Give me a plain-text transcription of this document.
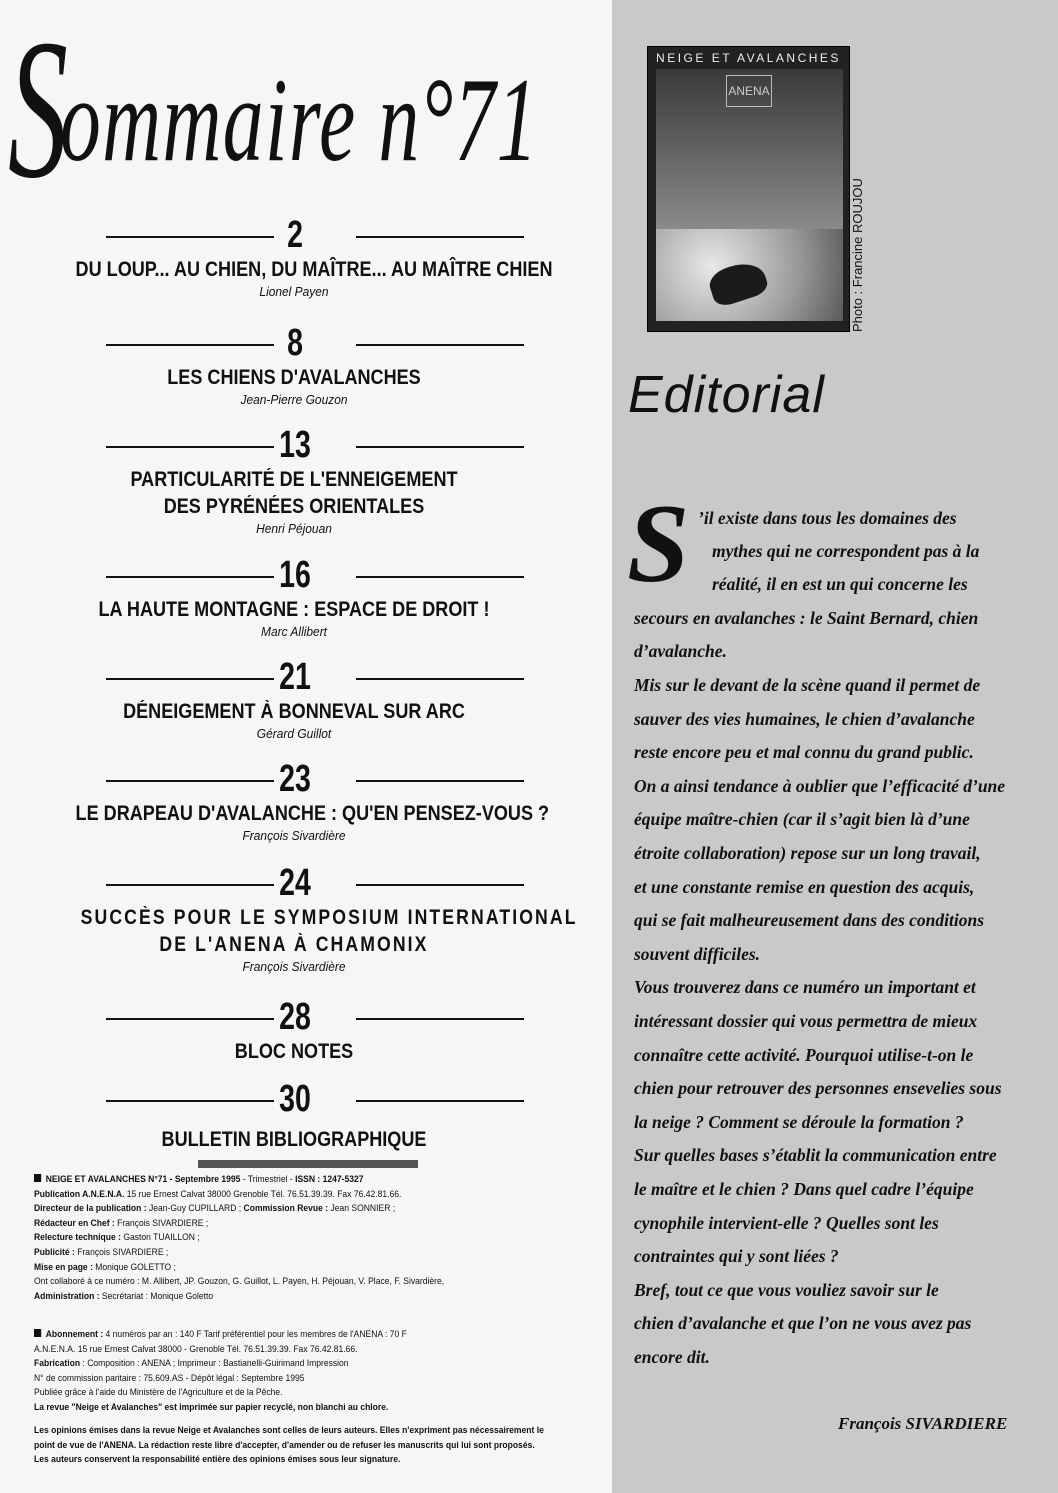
S
ommaire n°71
2
DU LOUP... AU CHIEN, DU MAÎTRE... AU MAÎTRE CHIEN
Lionel Payen
8
LES CHIENS D'AVALANCHES
Jean-Pierre Gouzon
13
PARTICULARITÉ DE L'ENNEIGEMENT
DES PYRÉNÉES ORIENTALES
Henri Péjouan
16
LA HAUTE MONTAGNE : ESPACE DE DROIT !
Marc Allibert
21
DÉNEIGEMENT À BONNEVAL SUR ARC
Gérard Guillot
23
LE DRAPEAU D'AVALANCHE : QU'EN PENSEZ-VOUS ?
François Sivardière
24
SUCCÈS POUR LE SYMPOSIUM INTERNATIONAL
DE L'ANENA À CHAMONIX
François Sivardière
28
BLOC NOTES
30
BULLETIN BIBLIOGRAPHIQUE

NEIGE ET AVALANCHES N°71 - Septembre 1995 - Trimestriel - ISSN : 1247-5327

Publication A.N.E.N.A. 15 rue Ernest Calvat 38000 Grenoble Tél. 76.51.39.39. Fax 76.42.81.66.

Directeur de la publication : Jean-Guy CUPILLARD ; Commission Revue : Jean SONNIER ;

Rédacteur en Chef : François SIVARDIERE ;

Relecture technique : Gaston TUAILLON ;

Publicité : François SIVARDIERE ;

Mise en page : Monique GOLETTO ;

Ont collaboré à ce numéro : M. Allibert, JP. Gouzon, G. Guillot, L. Payen, H. Péjouan, V. Place, F. Sivardière,

Administration : Secrétariat : Monique Goletto

Abonnement : 4 numéros par an : 140 F Tarif préférentiel pour les membres de l'ANENA : 70 F

A.N.E.N.A. 15 rue Ernest Calvat 38000 - Grenoble Tél. 76.51.39.39. Fax 76.42.81.66.

Fabrication : Composition : ANENA ; Imprimeur : Bastianelli-Guirimand Impression

N° de commission paritaire : 75.609.AS - Dépôt légal : Septembre 1995

Publiée grâce à l'aide du Ministère de l'Agriculture et de la Pêche.

La revue "Neige et Avalanches" est imprimée sur papier recyclé, non blanchi au chlore.

Les opinions émises dans la revue Neige et Avalanches sont celles de leurs auteurs. Elles n'expriment pas nécessairement le

point de vue de l'ANENA. La rédaction reste libre d'accepter, d'amender ou de refuser les manuscrits qui lui sont proposés.

Les auteurs conservent la responsabilité entière des opinions émises sous leur signature.

NEIGE ET AVALANCHES
ANENA
Photo : Francine ROUJOU
Editorial
S ’il existe dans tous les domaines des
mythes qui ne correspondent pas à la
réalité, il en est un qui concerne les
secours en avalanches : le Saint Bernard, chien
d’avalanche.
Mis sur le devant de la scène quand il permet de
sauver des vies humaines, le chien d’avalanche
reste encore peu et mal connu du grand public.
On a ainsi tendance à oublier que l’efficacité d’une
équipe maître-chien (car il s’agit bien là d’une
étroite collaboration) repose sur un long travail,
et une constante remise en question des acquis,
qui se fait malheureusement dans des conditions
souvent difficiles.
Vous trouverez dans ce numéro un important et
intéressant dossier qui vous permettra de mieux
connaître cette activité. Pourquoi utilise-t-on le
chien pour retrouver des personnes ensevelies sous
la neige ? Comment se déroule la formation ?
Sur quelles bases s’établit la communication entre
le maître et le chien ? Dans quel cadre l’équipe
cynophile intervient-elle ? Quelles sont les
contraintes qui y sont liées ?
Bref, tout ce que vous vouliez savoir sur le
chien d’avalanche et que l’on ne vous avez pas
encore dit.
François SIVARDIERE
